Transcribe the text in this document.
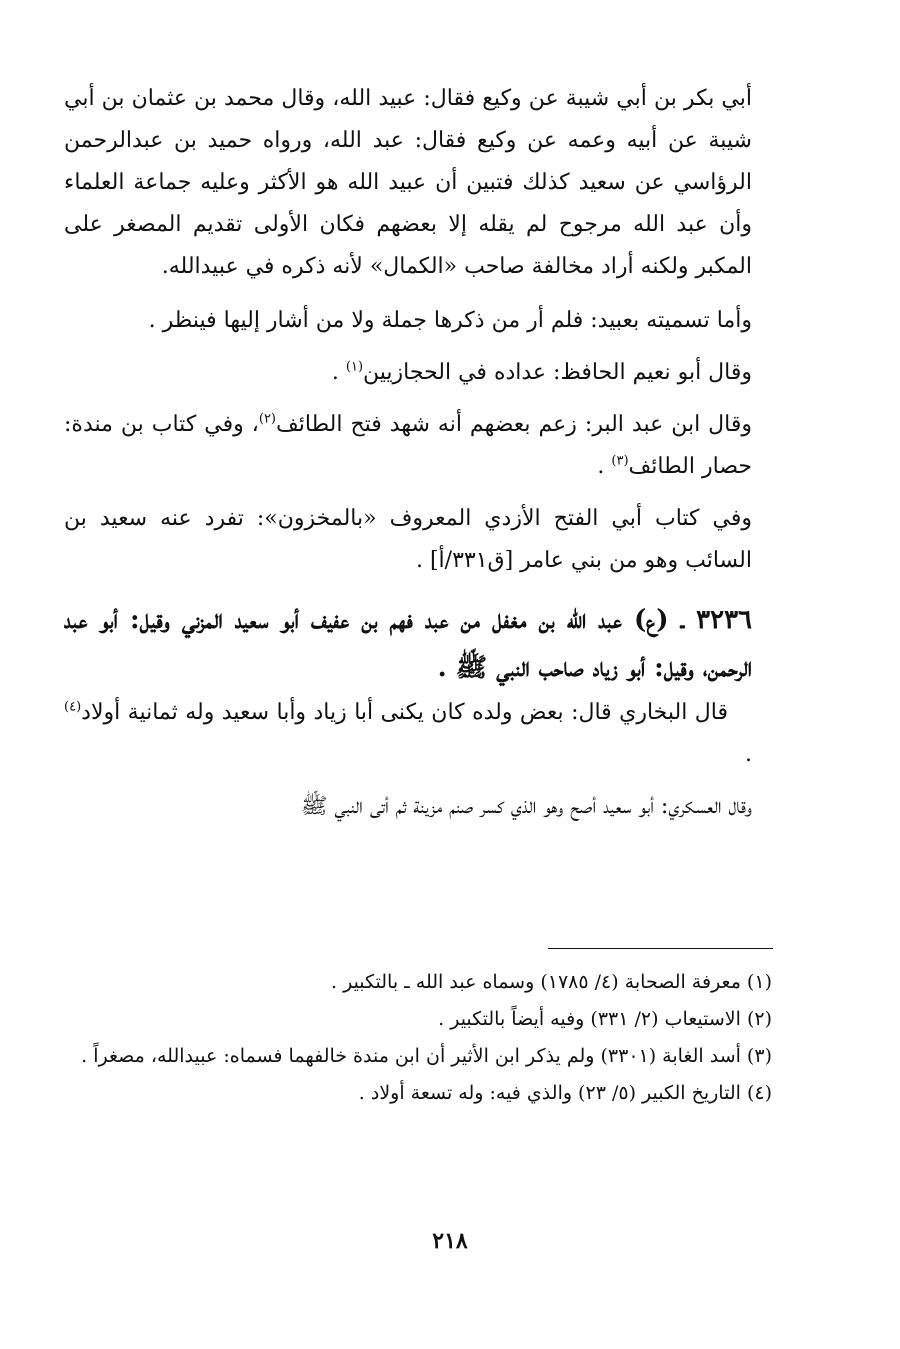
أبي بكر بن أبي شيبة عن وكيع فقال: عبيد الله، وقال محمد بن عثمان بن أبي شيبة عن أبيه وعمه عن وكيع فقال: عبد الله، ورواه حميد بن عبدالرحمن الرؤاسي عن سعيد كذلك فتبين أن عبيد الله هو الأكثر وعليه جماعة العلماء وأن عبد الله مرجوح لم يقله إلا بعضهم فكان الأولى تقديم المصغر على المكبر ولكنه أراد مخالفة صاحب «الكمال» لأنه ذكره في عبيدالله.

وأما تسميته بعبيد: فلم أر من ذكرها جملة ولا من أشار إليها فينظر .

وقال أبو نعيم الحافظ: عداده في الحجازيين$^{(١)}$ .

وقال ابن عبد البر: زعم بعضهم أنه شهد فتح الطائف$^{(٢)}$، وفي كتاب بن مندة: حصار الطائف$^{(٣)}$ .

وفي كتاب أبي الفتح الأزدي المعروف «بالمخزون»: تفرد عنه سعيد بن السائب وهو من بني عامر [ق٣٣١/أ] .

٣٢٣٦ ـ (ع) عبد الله بن مغفل من عبد فهم بن عفيف أبو سعيد المزني وقيل: أبو عبد الرحمن، وقيل: أبو زياد صاحب النبي ﷺ .

قال البخاري قال: بعض ولده كان يكنى أبا زياد وأبا سعيد وله ثمانية أولاد$^{(٤)}$ .

وقال العسكري: أبو سعيد أصح وهو الذي كسر صنم مزينة ثم أتى النبي ﷺ

(١) معرفة الصحابة (٤/ ١٧٨٥) وسماه عبد الله ـ بالتكبير .

(٢) الاستيعاب (٢/ ٣٣١) وفيه أيضاً بالتكبير .

(٣) أسد الغابة (٣٣٠١) ولم يذكر ابن الأثير أن ابن مندة خالفهما فسماه: عبيدالله، مصغراً .

(٤) التاريخ الكبير (٥/ ٢٣) والذي فيه: وله تسعة أولاد .

٢١٨
